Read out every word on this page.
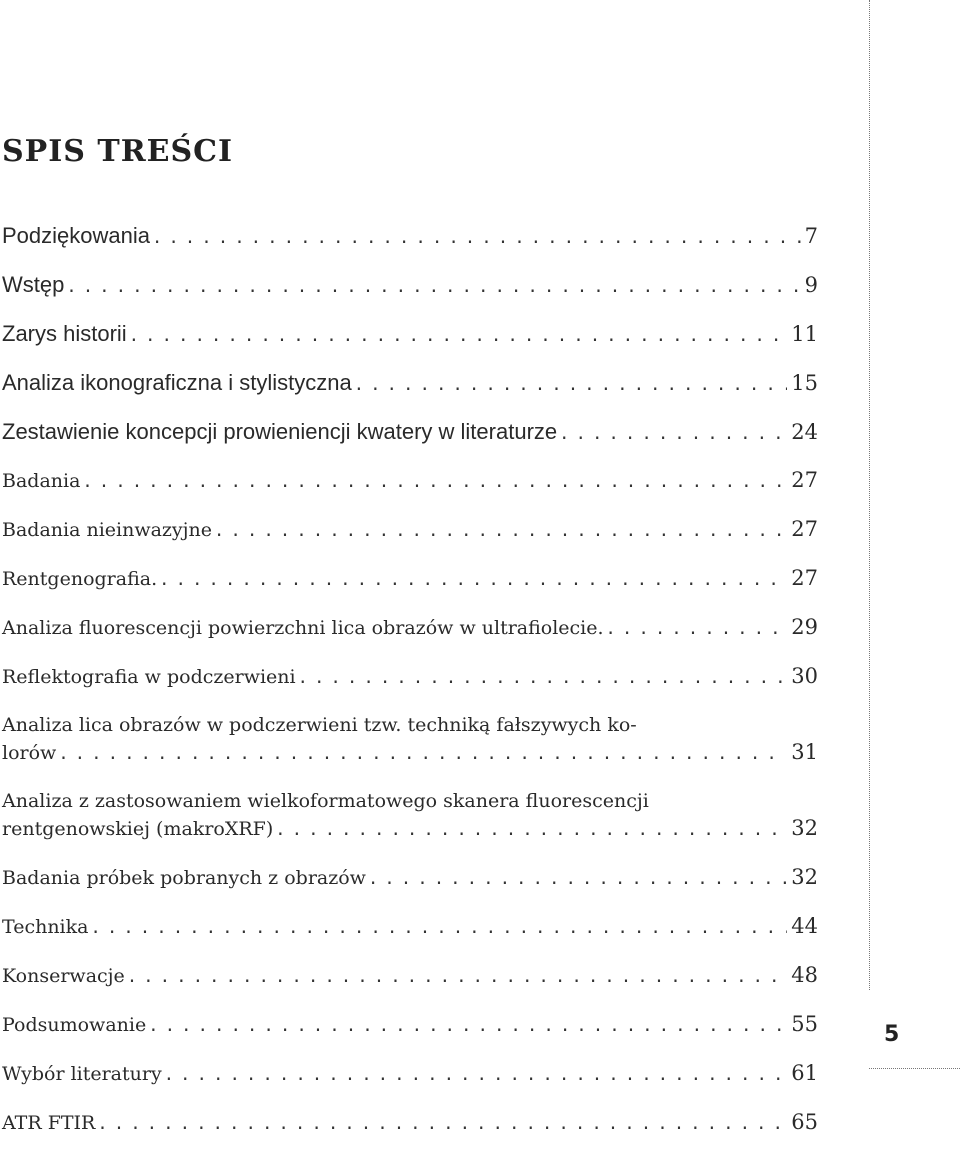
SPIS TREŚCI
Podziękowania . . .	7
Wstęp . . .	9
Zarys historii . . .	11
Analiza ikonograficzna i stylistyczna . . .	15
Zestawienie koncepcji prowieniencji kwatery w literaturze . . .	24
Badania . . .	27
Badania nieinwazyjne . . .	27
Rentgenografia. . . .	27
Analiza fluorescencji powierzchni lica obrazów w ultrafiolecie. . . .	29
Reflektografia w podczerwieni . . .	30
Analiza lica obrazów w podczerwieni tzw. techniką fałszywych ko-
lorów . . .	31
Analiza z zastosowaniem wielkoformatowego skanera fluorescencji
rentgenowskiej (makroXRF) . . .	32
Badania próbek pobranych z obrazów . . .	32
Technika . . .	44
Konserwacje . . .	48
Podsumowanie . . .	55
Wybór literatury . . .	61
ATR FTIR . . .	65
5
